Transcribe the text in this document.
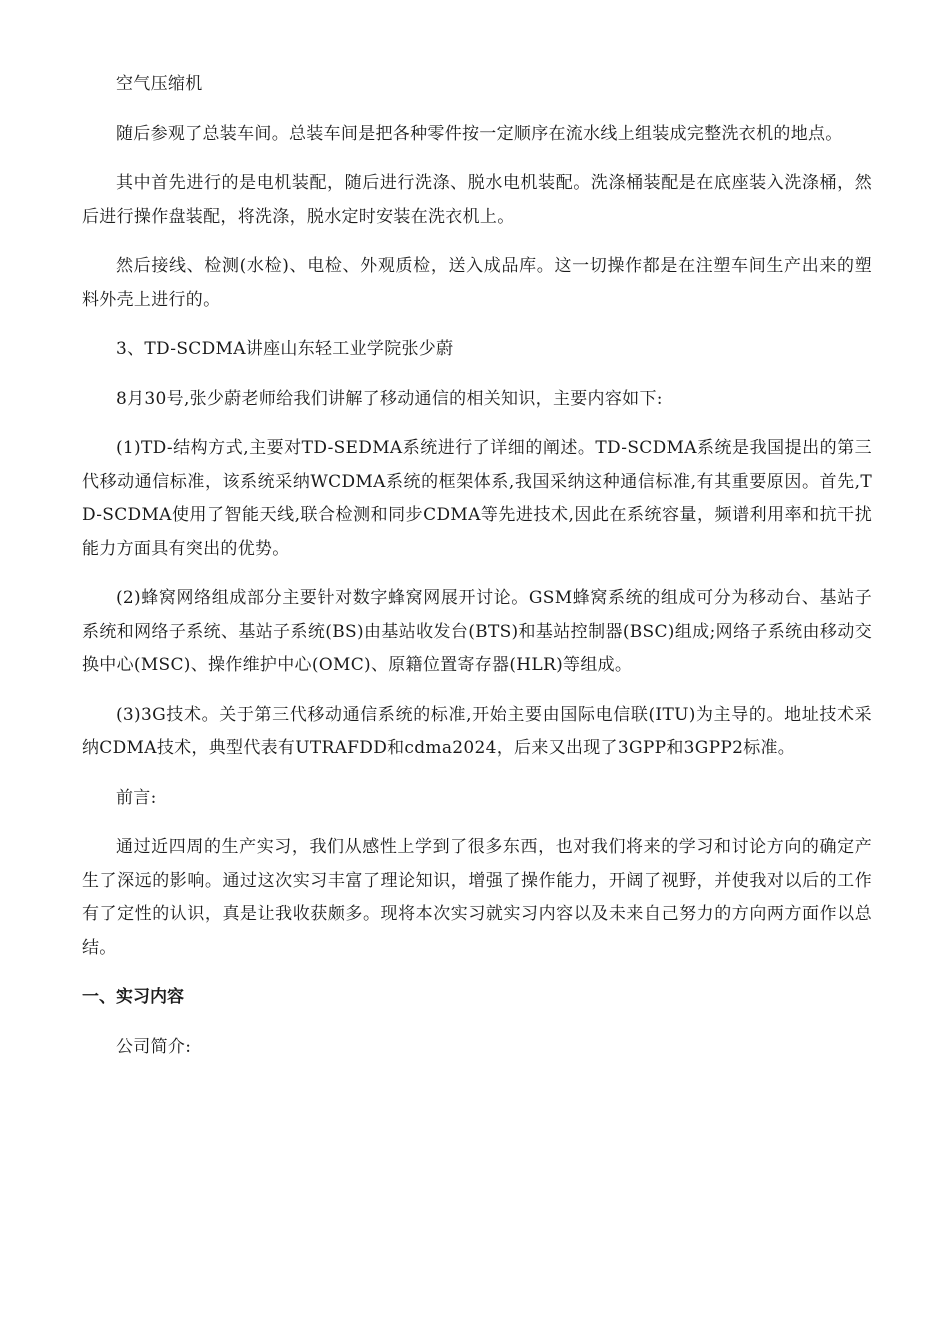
空气压缩机

随后参观了总装车间。总装车间是把各种零件按一定顺序在流水线上组装成完整洗衣机的地点。

其中首先进行的是电机装配，随后进行洗涤、脱水电机装配。洗涤桶装配是在底座装入洗涤桶，然后进行操作盘装配，将洗涤，脱水定时安装在洗衣机上。

然后接线、检测(水检)、电检、外观质检，送入成品库。这一切操作都是在注塑车间生产出来的塑料外壳上进行的。

3、TD-SCDMA讲座山东轻工业学院张少蔚

8月30号,张少蔚老师给我们讲解了移动通信的相关知识，主要内容如下:

(1)TD-结构方式,主要对TD-SEDMA系统进行了详细的阐述。TD-SCDMA系统是我国提出的第三代移动通信标准，该系统采纳WCDMA系统的框架体系,我国采纳这种通信标准,有其重要原因。首先,TD-SCDMA使用了智能天线,联合检测和同步CDMA等先进技术,因此在系统容量，频谱利用率和抗干扰能力方面具有突出的优势。

(2)蜂窝网络组成部分主要针对数字蜂窝网展开讨论。GSM蜂窝系统的组成可分为移动台、基站子系统和网络子系统、基站子系统(BS)由基站收发台(BTS)和基站控制器(BSC)组成;网络子系统由移动交换中心(MSC)、操作维护中心(OMC)、原籍位置寄存器(HLR)等组成。

(3)3G技术。关于第三代移动通信系统的标准,开始主要由国际电信联(ITU)为主导的。地址技术采纳CDMA技术，典型代表有UTRAFDD和cdma2024，后来又出现了3GPP和3GPP2标准。

前言:

通过近四周的生产实习，我们从感性上学到了很多东西，也对我们将来的学习和讨论方向的确定产生了深远的影响。通过这次实习丰富了理论知识，增强了操作能力，开阔了视野，并使我对以后的工作有了定性的认识，真是让我收获颇多。现将本次实习就实习内容以及未来自己努力的方向两方面作以总结。

一、实习内容

公司简介:
